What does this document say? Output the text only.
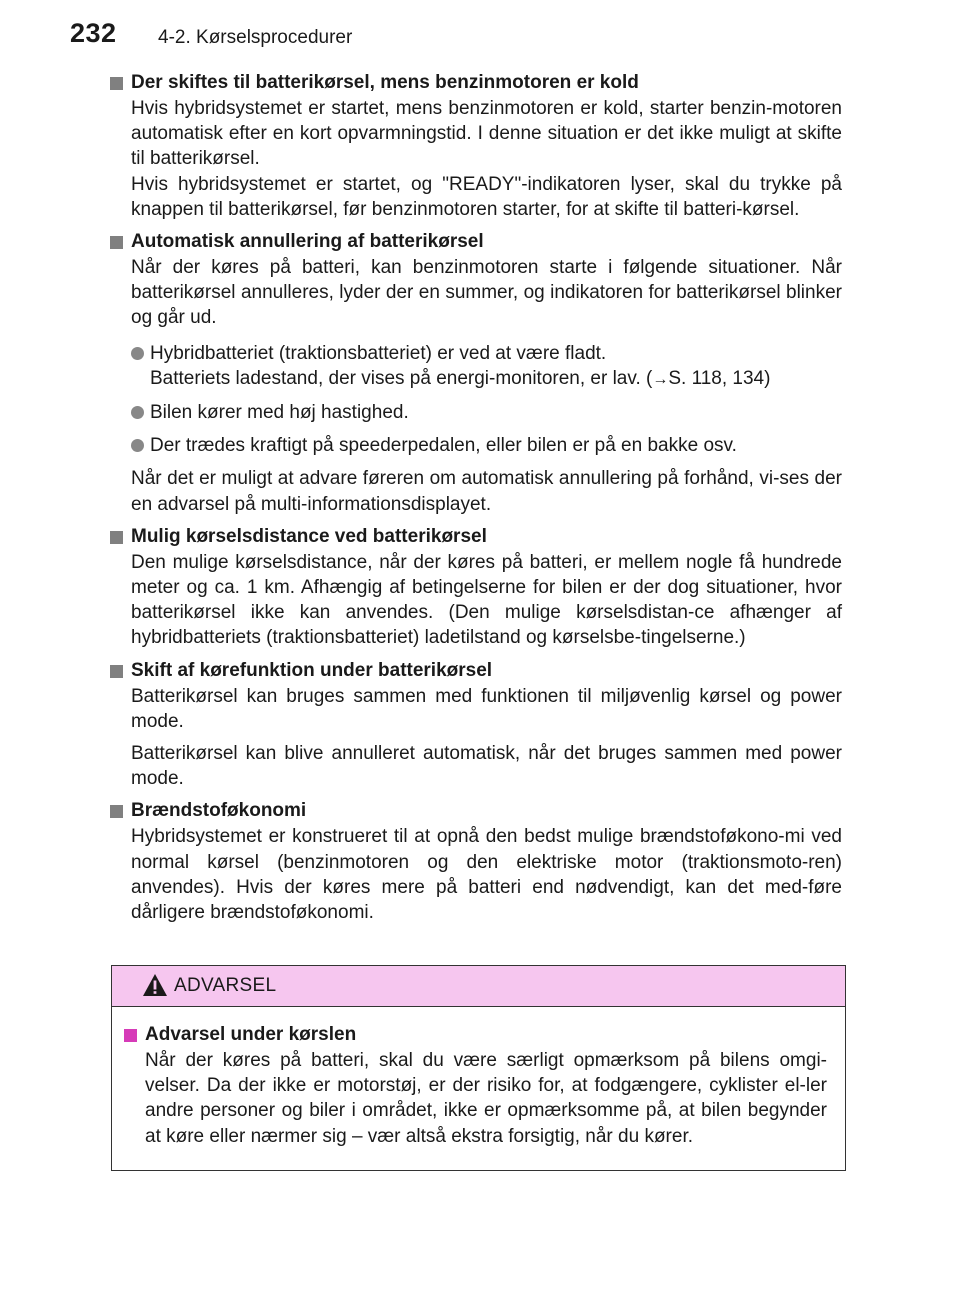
232 4-2. Kørselsprocedurer
Der skiftes til batterikørsel, mens benzinmotoren er kold

Hvis hybridsystemet er startet, mens benzinmotoren er kold, starter benzin-motoren automatisk efter en kort opvarmningstid. I denne situation er det ikke muligt at skifte til batterikørsel.

Hvis hybridsystemet er startet, og "READY"-indikatoren lyser, skal du trykke på knappen til batterikørsel, før benzinmotoren starter, for at skifte til batteri-kørsel.

Automatisk annullering af batterikørsel

Når der køres på batteri, kan benzinmotoren starte i følgende situationer. Når batterikørsel annulleres, lyder der en summer, og indikatoren for batterikørsel blinker og går ud.

Hybridbatteriet (traktionsbatteriet) er ved at være fladt.
Batteriets ladestand, der vises på energi-monitoren, er lav. (→S. 118, 134)
Bilen kører med høj hastighed.
Der trædes kraftigt på speederpedalen, eller bilen er på en bakke osv.

Når det er muligt at advare føreren om automatisk annullering på forhånd, vi-ses der en advarsel på multi-informationsdisplayet.

Mulig kørselsdistance ved batterikørsel

Den mulige kørselsdistance, når der køres på batteri, er mellem nogle få hundrede meter og ca. 1 km. Afhængig af betingelserne for bilen er der dog situationer, hvor batterikørsel ikke kan anvendes. (Den mulige kørselsdistan-ce afhænger af hybridbatteriets (traktionsbatteriet) ladetilstand og kørselsbe-tingelserne.)

Skift af kørefunktion under batterikørsel

Batterikørsel kan bruges sammen med funktionen til miljøvenlig kørsel og power mode.

Batterikørsel kan blive annulleret automatisk, når det bruges sammen med power mode.

Brændstoføkonomi

Hybridsystemet er konstrueret til at opnå den bedst mulige brændstoføkono-mi ved normal kørsel (benzinmotoren og den elektriske motor (traktionsmoto-ren) anvendes). Hvis der køres mere på batteri end nødvendigt, kan det med-føre dårligere brændstoføkonomi.

ADVARSEL
Advarsel under kørslen

Når der køres på batteri, skal du være særligt opmærksom på bilens omgi-velser. Da der ikke er motorstøj, er der risiko for, at fodgængere, cyklister el-ler andre personer og biler i området, ikke er opmærksomme på, at bilen begynder at køre eller nærmer sig – vær altså ekstra forsigtig, når du kører.
